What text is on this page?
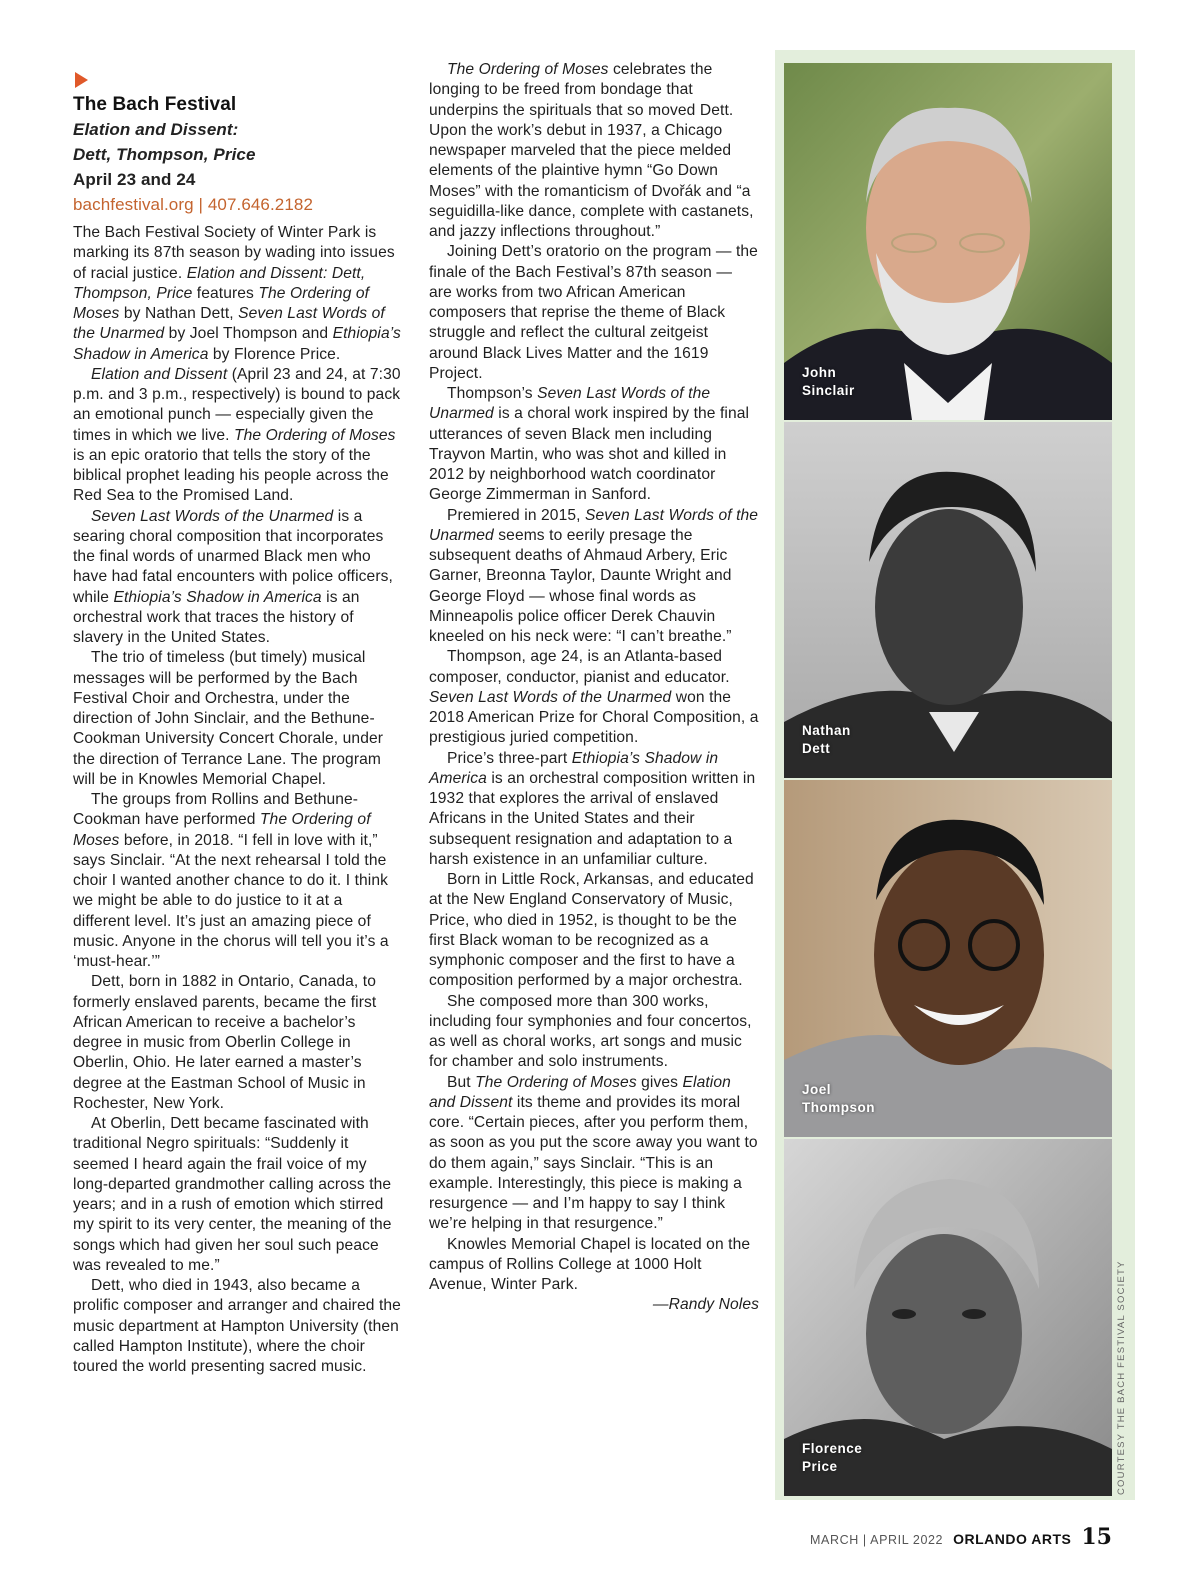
The Bach Festival
Elation and Dissent:
Dett, Thompson, Price
April 23 and 24
bachfestival.org | 407.646.2182

The Bach Festival Society of Winter Park is marking its 87th season by wading into issues of racial justice. Elation and Dissent: Dett, Thompson, Price features The Ordering of Moses by Nathan Dett, Seven Last Words of the Unarmed by Joel Thompson and Ethiopia’s Shadow in America by Florence Price.

Elation and Dissent (April 23 and 24, at 7:30 p.m. and 3 p.m., respectively) is bound to pack an emotional punch — especially given the times in which we live. The Ordering of Moses is an epic oratorio that tells the story of the biblical prophet leading his people across the Red Sea to the Promised Land.

Seven Last Words of the Unarmed is a searing choral composition that incorporates the final words of unarmed Black men who have had fatal encounters with police officers, while Ethiopia’s Shadow in America is an orchestral work that traces the history of slavery in the United States.

The trio of timeless (but timely) musical messages will be performed by the Bach Festival Choir and Orchestra, under the direction of John Sinclair, and the Bethune-Cookman University Concert Chorale, under the direction of Terrance Lane. The program will be in Knowles Memorial Chapel.

The groups from Rollins and Bethune-Cookman have performed The Ordering of Moses before, in 2018. “I fell in love with it,” says Sinclair. “At the next rehearsal I told the choir I wanted another chance to do it. I think we might be able to do justice to it at a different level. It’s just an amazing piece of music. Anyone in the chorus will tell you it’s a ‘must-hear.’”

Dett, born in 1882 in Ontario, Canada, to formerly enslaved parents, became the first African American to receive a bachelor’s degree in music from Oberlin College in Oberlin, Ohio. He later earned a master’s degree at the Eastman School of Music in Rochester, New York.

At Oberlin, Dett became fascinated with traditional Negro spirituals: “Suddenly it seemed I heard again the frail voice of my long-departed grandmother calling across the years; and in a rush of emotion which stirred my spirit to its very center, the meaning of the songs which had given her soul such peace was revealed to me.”

Dett, who died in 1943, also became a prolific composer and arranger and chaired the music department at Hampton University (then called Hampton Institute), where the choir toured the world presenting sacred music.

The Ordering of Moses celebrates the longing to be freed from bondage that underpins the spirituals that so moved Dett. Upon the work’s debut in 1937, a Chicago newspaper marveled that the piece melded elements of the plaintive hymn “Go Down Moses” with the romanticism of Dvořák and “a seguidilla-like dance, complete with castanets, and jazzy inflections throughout.”

Joining Dett’s oratorio on the program — the finale of the Bach Festival’s 87th season — are works from two African American composers that reprise the theme of Black struggle and reflect the cultural zeitgeist around Black Lives Matter and the 1619 Project.

Thompson’s Seven Last Words of the Unarmed is a choral work inspired by the final utterances of seven Black men including Trayvon Martin, who was shot and killed in 2012 by neighborhood watch coordinator George Zimmerman in Sanford.

Premiered in 2015, Seven Last Words of the Unarmed seems to eerily presage the subsequent deaths of Ahmaud Arbery, Eric Garner, Breonna Taylor, Daunte Wright and George Floyd — whose final words as Minneapolis police officer Derek Chauvin kneeled on his neck were: “I can’t breathe.”

Thompson, age 24, is an Atlanta-based composer, conductor, pianist and educator. Seven Last Words of the Unarmed won the 2018 American Prize for Choral Composition, a prestigious juried competition.

Price’s three-part Ethiopia’s Shadow in America is an orchestral composition written in 1932 that explores the arrival of enslaved Africans in the United States and their subsequent resignation and adaptation to a harsh existence in an unfamiliar culture.

Born in Little Rock, Arkansas, and educated at the New England Conservatory of Music, Price, who died in 1952, is thought to be the first Black woman to be recognized as a symphonic composer and the first to have a composition performed by a major orchestra.

She composed more than 300 works, including four symphonies and four concertos, as well as choral works, art songs and music for chamber and solo instruments.

But The Ordering of Moses gives Elation and Dissent its theme and provides its moral core. “Certain pieces, after you perform them, as soon as you put the score away you want to do them again,” says Sinclair. “This is an example. Interestingly, this piece is making a resurgence — and I’m happy to say I think we’re helping in that resurgence.”

Knowles Memorial Chapel is located on the campus of Rollins College at 1000 Holt Avenue, Winter Park.

—Randy Noles

John
Sinclair
Nathan
Dett
Joel
Thompson
Florence
Price	COURTESY THE BACH FESTIVAL SOCIETY
MARCH | APRIL 2022 ORLANDO ARTS 15
